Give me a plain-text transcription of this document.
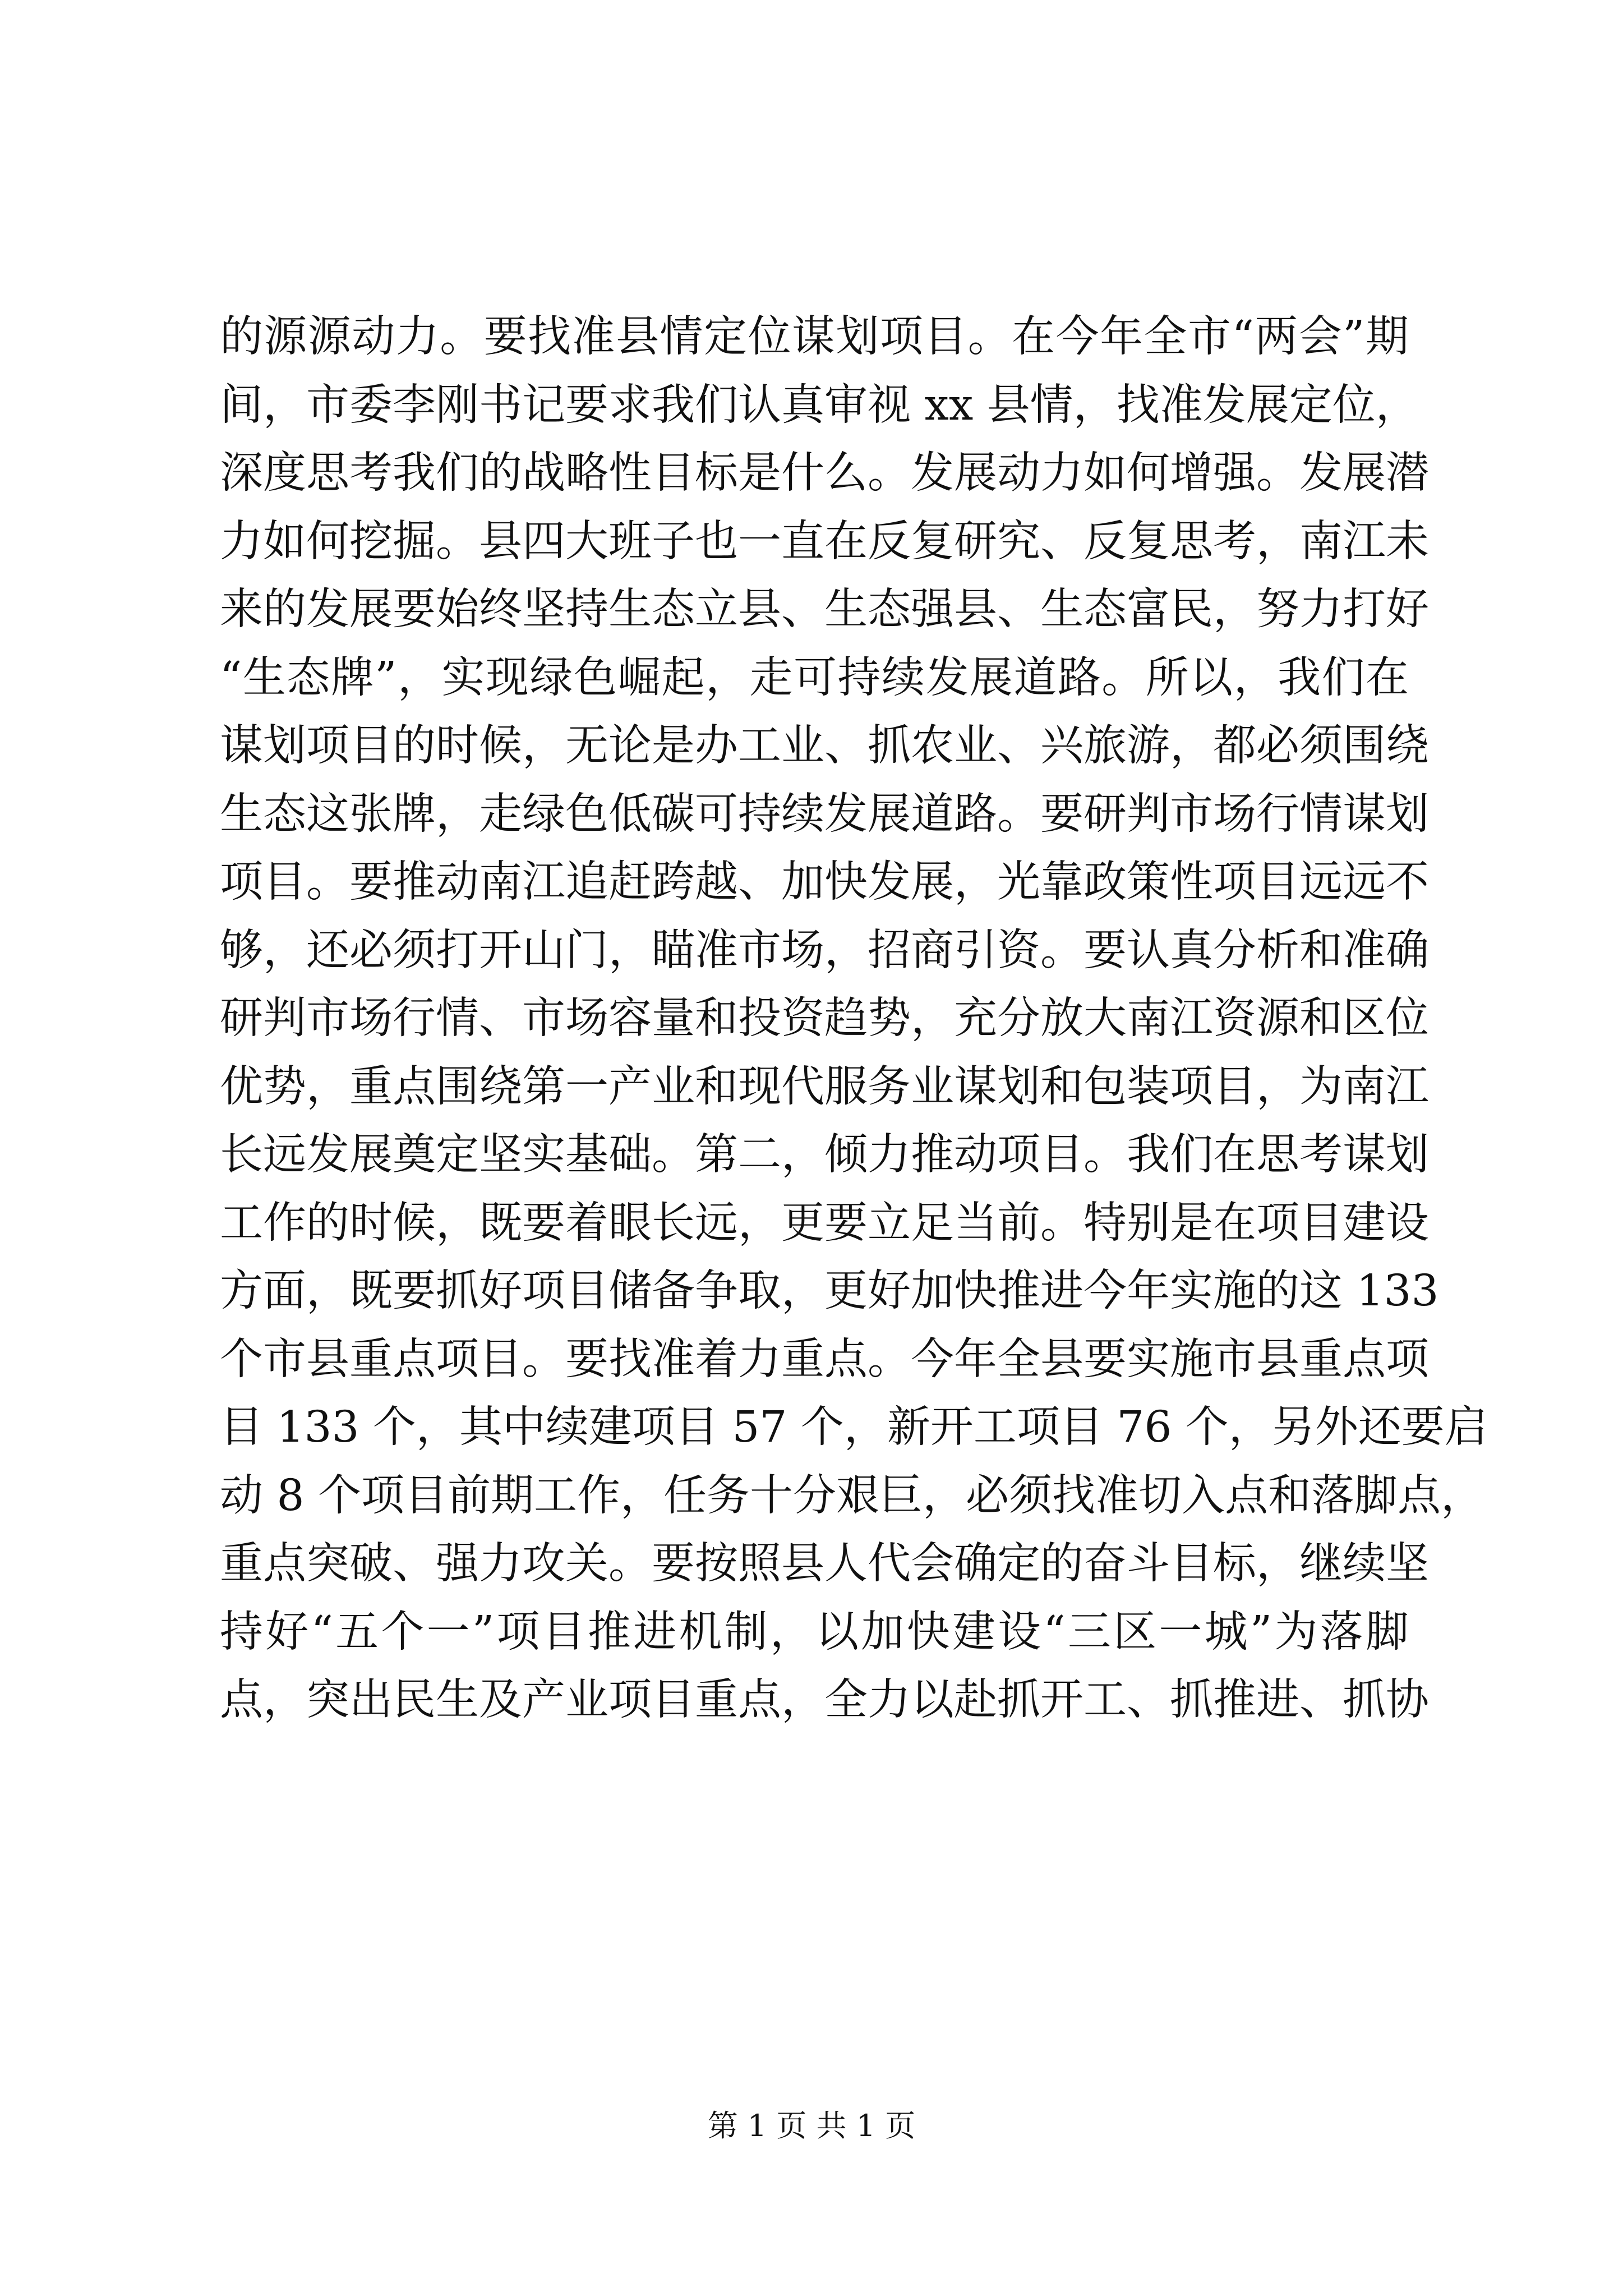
的源源动力。要找准县情定位谋划项目。在今年全市“两会”期
间，市委李刚书记要求我们认真审视 xx 县情，找准发展定位，
深度思考我们的战略性目标是什么。发展动力如何增强。发展潜
力如何挖掘。县四大班子也一直在反复研究、反复思考，南江未
来的发展要始终坚持生态立县、生态强县、生态富民，努力打好
“生态牌”，实现绿色崛起，走可持续发展道路。所以，我们在
谋划项目的时候，无论是办工业、抓农业、兴旅游，都必须围绕
生态这张牌，走绿色低碳可持续发展道路。要研判市场行情谋划
项目。要推动南江追赶跨越、加快发展，光靠政策性项目远远不
够，还必须打开山门，瞄准市场，招商引资。要认真分析和准确
研判市场行情、市场容量和投资趋势，充分放大南江资源和区位
优势，重点围绕第一产业和现代服务业谋划和包装项目，为南江
长远发展奠定坚实基础。第二，倾力推动项目。我们在思考谋划
工作的时候，既要着眼长远，更要立足当前。特别是在项目建设
方面，既要抓好项目储备争取，更好加快推进今年实施的这 133
个市县重点项目。要找准着力重点。今年全县要实施市县重点项
目 133 个，其中续建项目 57 个，新开工项目 76 个，另外还要启
动 8 个项目前期工作，任务十分艰巨，必须找准切入点和落脚点，
重点突破、强力攻关。要按照县人代会确定的奋斗目标，继续坚
持好“五个一”项目推进机制，以加快建设“三区一城”为落脚
点，突出民生及产业项目重点，全力以赴抓开工、抓推进、抓协
第 1 页 共 1 页
